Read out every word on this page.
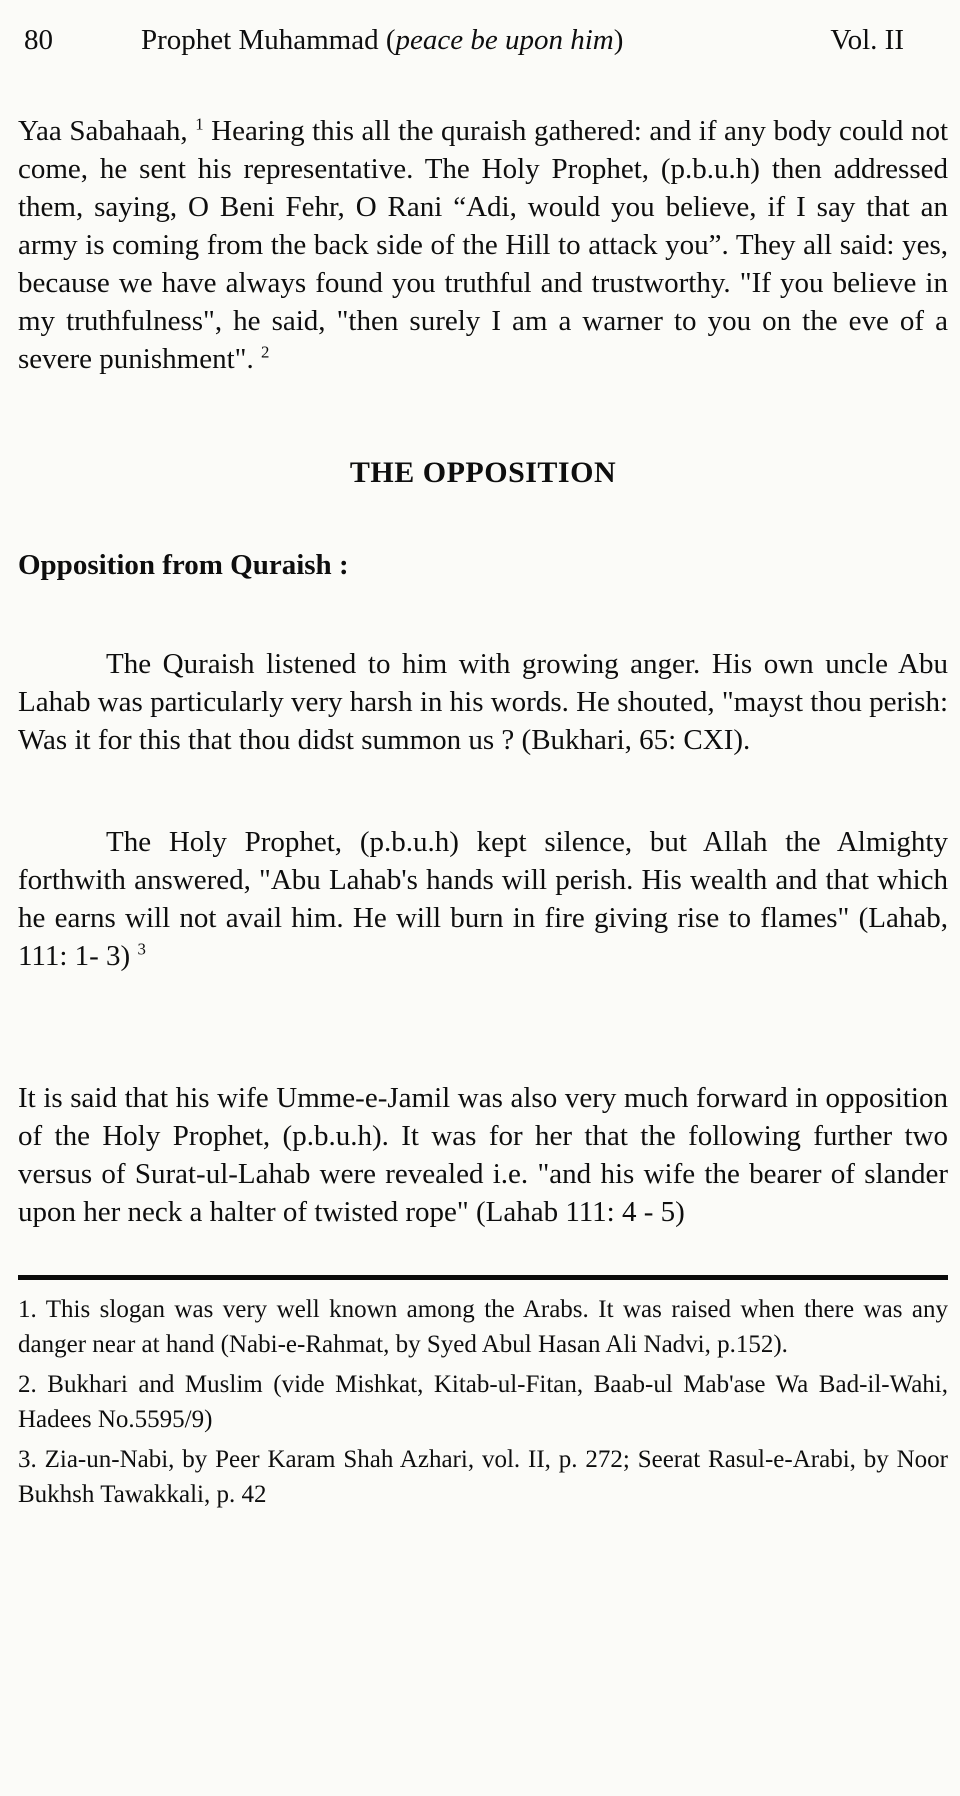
80	Prophet Muhammad (peace be upon him)	Vol. II

Yaa Sabahaah, $^1$ Hearing this all the quraish gathered: and if any body could not come, he sent his representative. The Holy Prophet, (p.b.u.h) then addressed them, saying, O Beni Fehr, O Rani “Adi, would you believe, if I say that an army is coming from the back side of the Hill to attack you”. They all said: yes, because we have always found you truthful and trustworthy. "If you believe in my truthfulness", he said, "then surely I am a warner to you on the eve of a severe punishment". $^2$

THE OPPOSITION

Opposition from Quraish :

The Quraish listened to him with growing anger. His own uncle Abu Lahab was particularly very harsh in his words. He shouted, "mayst thou perish: Was it for this that thou didst summon us ? (Bukhari, 65: CXI).

The Holy Prophet, (p.b.u.h) kept silence, but Allah the Almighty forthwith answered, "Abu Lahab's hands will perish. His wealth and that which he earns will not avail him. He will burn in fire giving rise to flames" (Lahab, 111: 1- 3) $^3$

It is said that his wife Umme-e-Jamil was also very much forward in opposition of the Holy Prophet, (p.b.u.h). It was for her that the following further two versus of Surat-ul-Lahab were revealed i.e. "and his wife the bearer of slander upon her neck a halter of twisted rope" (Lahab 111: 4 - 5)

1. This slogan was very well known among the Arabs. It was raised when there was any danger near at hand (Nabi-e-Rahmat, by Syed Abul Hasan Ali Nadvi, p.152).

2. Bukhari and Muslim (vide Mishkat, Kitab-ul-Fitan, Baab-ul Mab'ase Wa Bad-il-Wahi, Hadees No.5595/9)

3. Zia-un-Nabi, by Peer Karam Shah Azhari, vol. II, p. 272; Seerat Rasul-e-Arabi, by Noor Bukhsh Tawakkali, p. 42
